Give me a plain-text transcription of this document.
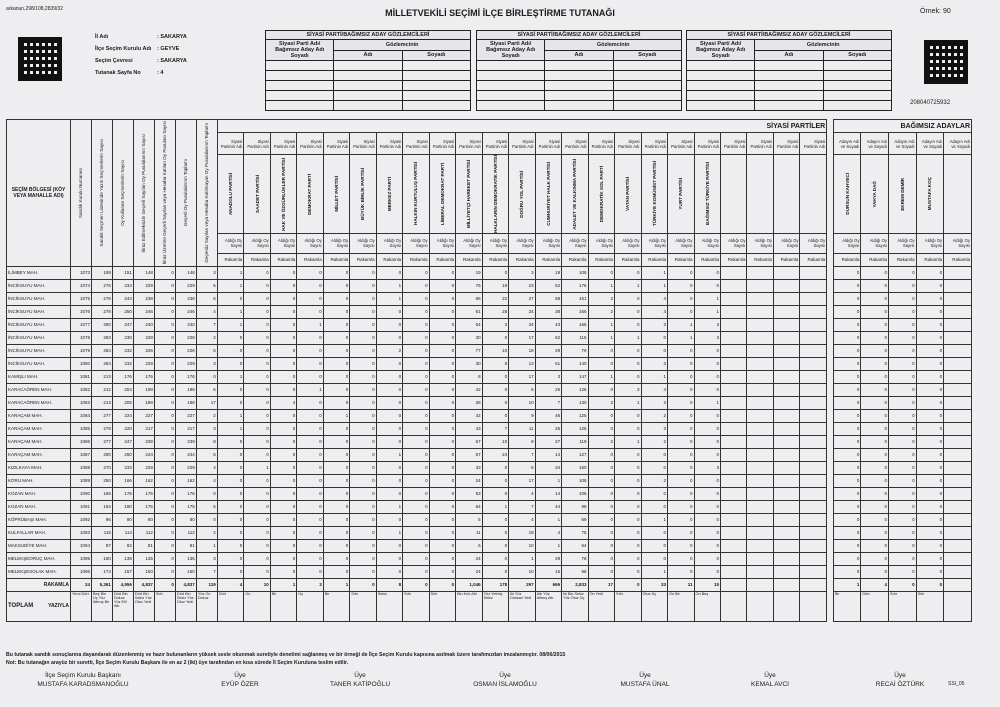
arkanun,298/108,2839/32	MİLLETVEKİLİ SEÇİMİ İLÇE BİRLEŞTİRME TUTANAĞI	Örnek: 90
208040725932
İl Adı	: SAKARYA
İlçe Seçim Kurulu Adı	: GEYVE
Seçim Çevresi	: SAKARYA
Tutanak Sayfa No	: 4
SİYASİ PARTİ/BAĞIMSIZ ADAY GÖZLEMCİLERİ		
Siyasi Parti Adı/ Bağımsız Aday Adı Soyadı	Gözlemcinin	
	Adı	Soyadı

SİYASİ PARTİ/BAĞIMSIZ ADAY GÖZLEMCİLERİ		
Siyasi Parti Adı/ Bağımsız Aday Adı Soyadı	Gözlemcinin	
	Adı	Soyadı

SİYASİ PARTİ/BAĞIMSIZ ADAY GÖZLEMCİLERİ		
Siyasi Parti Adı/ Bağımsız Aday Adı Soyadı	Gözlemcinin	
	Adı	Soyadı

SEÇİM BÖLGESİ (KÖY VEYA MAHALLE ADI)	Sandık Kurulu Numarası	Sandık Seçmen Listesinde Yazılı Seçmenlerin Sayısı	Oy Kullanan Seçmenlerin Sayısı	İtiraz Edilmeksizin Geçerli Sayılan Oy Pusulalarının Sayısı	İtiraz Üzerine Geçerli Sayılan veya Hesaba Katılan Oy Pusulası Sayısı	Geçerli Oy Pusulalarının Toplamı	Geçersiz Sayılan veya Hesaba Katılmayan Oy Pusulalarının Toplamı	SİYASİ PARTİLER																								BAĞIMSIZ ADAYLAR				
								Siyasi Partinin Adı	Siyasi Partinin Adı	Siyasi Partinin Adı	Siyasi Partinin Adı	Siyasi Partinin Adı	Siyasi Partinin Adı	Siyasi Partinin Adı	Siyasi Partinin Adı	Siyasi Partinin Adı	Siyasi Partinin Adı	Siyasi Partinin Adı	Siyasi Partinin Adı	Siyasi Partinin Adı	Siyasi Partinin Adı	Siyasi Partinin Adı	Siyasi Partinin Adı	Siyasi Partinin Adı	Siyasi Partinin Adı	Siyasi Partinin Adı	Siyasi Partinin Adı	Siyasi Partinin Adı	Siyasi Partinin Adı	Siyasi Partinin Adı		Adayın Adı ve Soyadı	Adayın Adı ve Soyadı	Adayın Adı ve Soyadı	Adayın Adı ve Soyadı	Adayın Adı ve Soyadı

								ANADOLU PARTİSİ	SAADET PARTİSİ	HAK VE ÖZGÜRLÜKLER PARTİSİ	DEMOKRAT PARTİ	MİLLET PARTİSİ	BÜYÜK BİRLİK PARTİSİ	MERKEZ PARTİ	HALKIN KURTULUŞ PARTİSİ	LİBERAL DEMOKRAT PARTİ	MİLLİYETÇİ HAREKET PARTİSİ	HALKLARIN DEMOKRATİK PARTİSİ	DOĞRU YOL PARTİSİ	CUMHURİYET HALK PARTİSİ	ADALET VE KALKINMA PARTİSİ	DEMOKRATİK SOL PARTİ	VATAN PARTİSİ	TÜRKİYE KOMÜNİST PARTİSİ	YURT PARTİSİ	BAĞIMSIZ TÜRKİYE PARTİSİ						DURSUN KAHVECİ	YAHYA DAĞ	EKREM DEMİR	MUSTAFA KOÇ	

								Aldığı Oy Sayısı	Aldığı Oy Sayısı	Aldığı Oy Sayısı	Aldığı Oy Sayısı	Aldığı Oy Sayısı	Aldığı Oy Sayısı	Aldığı Oy Sayısı	Aldığı Oy Sayısı	Aldığı Oy Sayısı	Aldığı Oy Sayısı	Aldığı Oy Sayısı	Aldığı Oy Sayısı	Aldığı Oy Sayısı	Aldığı Oy Sayısı	Aldığı Oy Sayısı	Aldığı Oy Sayısı	Aldığı Oy Sayısı	Aldığı Oy Sayısı	Aldığı Oy Sayısı	Aldığı Oy Sayısı	Aldığı Oy Sayısı	Aldığı Oy Sayısı	Aldığı Oy Sayısı		Aldığı Oy Sayısı	Aldığı Oy Sayısı	Aldığı Oy Sayısı	Aldığı Oy Sayısı	Aldığı Oy Sayısı
								Rakamla	Rakamla	Rakamla	Rakamla	Rakamla	Rakamla	Rakamla	Rakamla	Rakamla	Rakamla	Rakamla	Rakamla	Rakamla	Rakamla	Rakamla	Rakamla	Rakamla	Rakamla	Rakamla	Rakamla	Rakamla	Rakamla	Rakamla		Rakamla	Rakamla	Rakamla	Rakamla	Rakamla
İLİMBEY MAH.	1073	189	151	148	0	148	3	1	0	0	0	0	0	0	0	0	19	0	3	19	108	0	0	1	0	0						0	0	0	0	
İNCİKSUYU MAH.	1074	276	234	229	0	229	5	1	0	0	0	0	0	1	0	0	75	19	23	52	176	1	1	1	0	0						0	0	0	0	
İNCİKSUYU MAH.	1075	276	244	238	0	238	6	0	0	0	0	0	0	1	0	0	66	22	27	58	161	2	0	4	0	1						0	0	0	0	
İNCİKSUYU MAH.	1076	278	250	246	0	246	4	1	0	0	0	0	0	0	0	0	61	28	24	38	166	2	0	4	0	1						0	0	0	0	
İNCİKSUYU MAH.	1077	280	247	240	0	240	7	1	0	0	1	0	0	0	0	0	64	3	34	43	166	1	0	3	1	3						0	0	0	0	
İNCİKSUYU MAH.	1078	283	230	228	0	228	2	0	0	0	0	0	0	0	0	0	30	0	17	62	115	1	1	0	1	3						0	0	0	0	
İNCİKSUYU MAH.	1079	284	232	226	0	226	6	0	0	0	0	0	0	2	0	0	77	10	18	29	79	0	0	0	0	0						0	0	0	0	
İNCİKSUYU MAH.	1080	284	232	229	0	229	3	0	0	0	0	0	0	0	0	0	30	5	13	51	140	0	0	3	0	0						0	0	0	0	
KAMIŞLI MAH.	1081	213	176	176	0	176	0	1	0	0	0	0	0	0	0	0	8	0	17	3	147	1	0	1	0	0						0	0	0	0	
KARACAÖREN MAH.	1082	212	204	198	0	198	6	0	0	0	1	0	0	0	0	0	42	0	5	25	126	0	3	4	0	0						0	0	0	0	
KARACAÖREN MAH.	1083	213	205	188	0	188	17	0	0	4	0	0	0	0	0	0	28	0	10	7	130	2	1	3	0	1						0	0	0	0	
KARAÇAM MAH.	1084	277	224	227	0	227	2	1	0	0	0	1	0	0	0	0	42	0	9	46	125	0	0	2	0	0						0	0	0	0	
KARAÇAM MAH.	1085	278	220	217	0	217	3	1	0	0	0	0	0	0	0	0	43	7	11	26	126	0	0	3	0	0						0	0	0	0	
KARAÇAM MAH.	1086	277	247	239	0	239	8	0	0	0	0	0	0	0	0	0	67	10	9	27	119	2	1	2	0	0						0	0	0	0	
KARAÇAM MAH.	1087	280	250	244	0	244	6	0	0	0	0	0	0	1	0	0	67	24	7	14	127	0	0	0	0	0						0	0	0	0	
KIZILKAYA MAH.	1088	270	233	229	0	229	4	0	1	0	0	0	0	0	0	0	33	0	8	24	160	0	0	0	0	3						0	0	0	0	
KORU MAH.	1089	250	166	162	0	162	4	0	0	0	0	0	0	0	0	0	24	0	17	1	108	0	0	2	0	0						0	0	0	0	
KOZAN MAH.	1090	186	176	176	0	176	0	0	0	0	0	0	0	0	0	0	53	0	4	14	105	0	0	0	0	0						0	0	0	0	
KOZAN MAH.	1091	184	180	175	0	175	5	0	0	0	0	0	0	1	0	0	64	1	7	44	98	0	0	0	0	0						0	0	0	0	
KÖPRÜBAŞI MAH.	1092	96	80	80	0	80	0	0	0	0	0	0	0	0	0	0	5	0	4	1	69	0	0	1	0	0						0	0	0	0	
KULFALLAR MAH.	1093	115	114	112	0	112	2	0	0	0	0	0	0	1	0	0	11	0	18	4	75	0	0	0	0	0						0	0	0	0	
MAKSUDİYE MAH.	1094	87	82	81	0	81	1	0	0	0	0	0	0	0	0	0	6	0	10	1	64	0	0	0	0	0						0	0	0	0	
MELEKŞEORUÇ MAH.	1095	180	138	135	0	135	3	0	0	0	0	0	0	0	0	0	24	0	1	29	78	0	0	0	0	0						0	0	0	0	
MELEKŞESOLAK MAH.	1096	174	157	150	0	150	7	0	0	0	0	0	0	0	0	0	24	0	10	15	96	0	0	1	0	0						0	0	0	0	

RAKAMLA	24	5,361	4,956	4,837	0	4,837	119	4	10	1	3	1	0	8	0	0	1,046	178	297	666	2,833	17	0	33	11	15						1	4	0	0	
TOPLAM YAZIYLA	Yirmi Dört	Beş Bin Üç Yüz Altmış Bir	Dört Bin Dokuz Yüz Elli Altı	Dört Bin Sekiz Yüz Otuz Yedi	Sıfır	Dört Bin Sekiz Yüz Otuz Yedi	Yüz On Dokuz	Dört	On	Bir	Üç	Bir	Sıfır	Sekiz	Sıfır	Sıfır	Bin Kırk Altı	Yüz Yetmiş Sekiz	İki Yüz Doksan Yedi	Altı Yüz Altmış Altı	İki Bin Sekiz Yüz Otuz Üç	On Yedi	Sıfır	Otuz Üç	On Bir	On Beş						Bir	Dört	Sıfır	Sıfır	
Bu tutanak sandık sonuçlarına dayanılarak düzenlenmiş ve hazır bulunanların yüksek sesle okunmak suretiyle denetimi sağlanmış ve bir örneği de İlçe Seçim Kurulu kapısına asılmak üzere tarafımızdan imzalanmıştır. 08/06/2015
Not: Bu tutanağın arayüz bir suretti, İlçe Seçim Kurulu Başkanı ile en az 2 (iki) üye tarafından en kısa sürede İl Seçim Kuruluna teslim edilir.
İlçe Seçim Kurulu Başkanı
MUSTAFA KARADSMANOĞLU
Üye
EYÜP ÖZER
Üye
TANER KATİPOĞLU
Üye
OSMAN İSLAMOĞLU
Üye
MUSTAFA ÜNAL
Üye
KEMAL AVCI
Üye
RECAİ ÖZTÜRK	SSI_05
